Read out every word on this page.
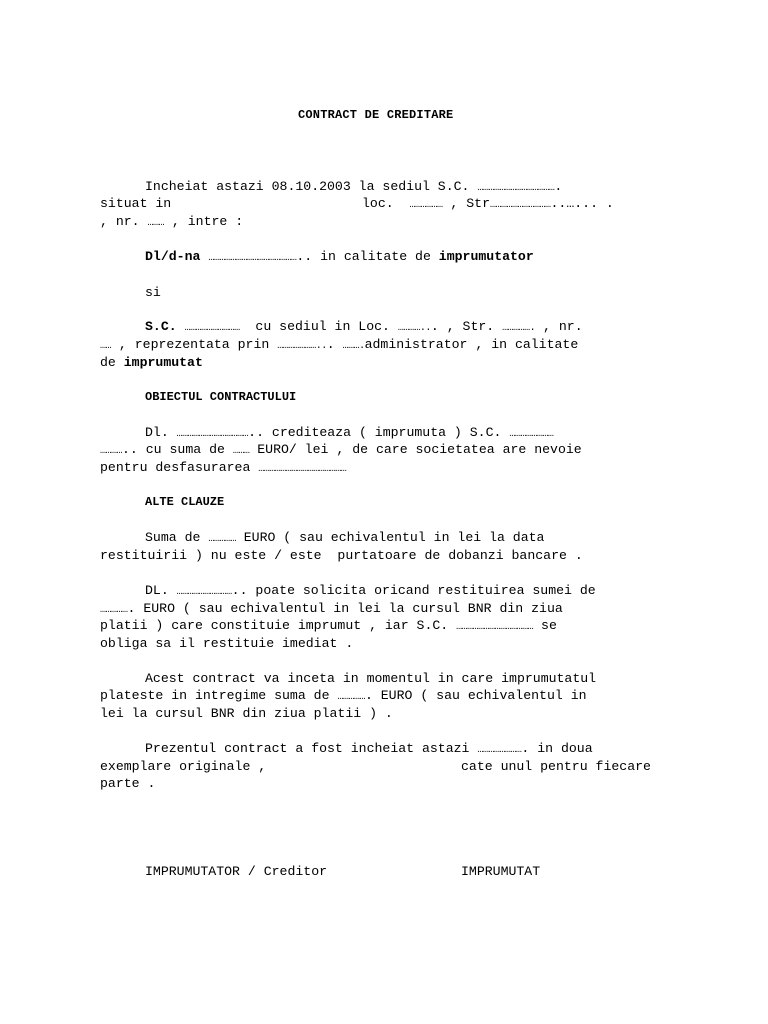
CONTRACT DE CREDITARE
Incheiat astazi 08.10.2003 la sediul S.C. …………………………………….
situat in	loc.  ……………… , Str……………………………..…... .
, nr. ……… , intre :
Dl/d-na ………………………………………….. in calitate de imprumutator
si
S.C. …………………………  cu sediul in Loc. …………... , Str. ……………. , nr.
…… , reprezentata prin …………………... ……….administrator , in calitate
de imprumutat
OBIECTUL CONTRACTULUI
Dl. ………………………………….. crediteaza ( imprumuta ) S.C. ……………………
………….. cu suma de ……… EURO/ lei , de care societatea are nevoie
pentru desfasurarea …………………………………………
ALTE CLAUZE
Suma de …………… EURO ( sau echivalentul in lei la data
restituirii ) nu este / este  purtatoare de dobanzi bancare .
DL. ………………………….. poate solicita oricand restituirea sumei de
……………. EURO ( sau echivalentul in lei la cursul BNR din ziua
platii ) care constituie imprumut , iar S.C. …………………………………… se
obliga sa il restituie imediat .
Acest contract va inceta in momentul in care imprumutatul
plateste in intregime suma de ……………. EURO ( sau echivalentul in
lei la cursul BNR din ziua platii ) .
Prezentul contract a fost incheiat astazi ……………………. in doua
exemplare originale ,	cate unul pentru fiecare
parte .
IMPRUMUTATOR / Creditor	IMPRUMUTAT
